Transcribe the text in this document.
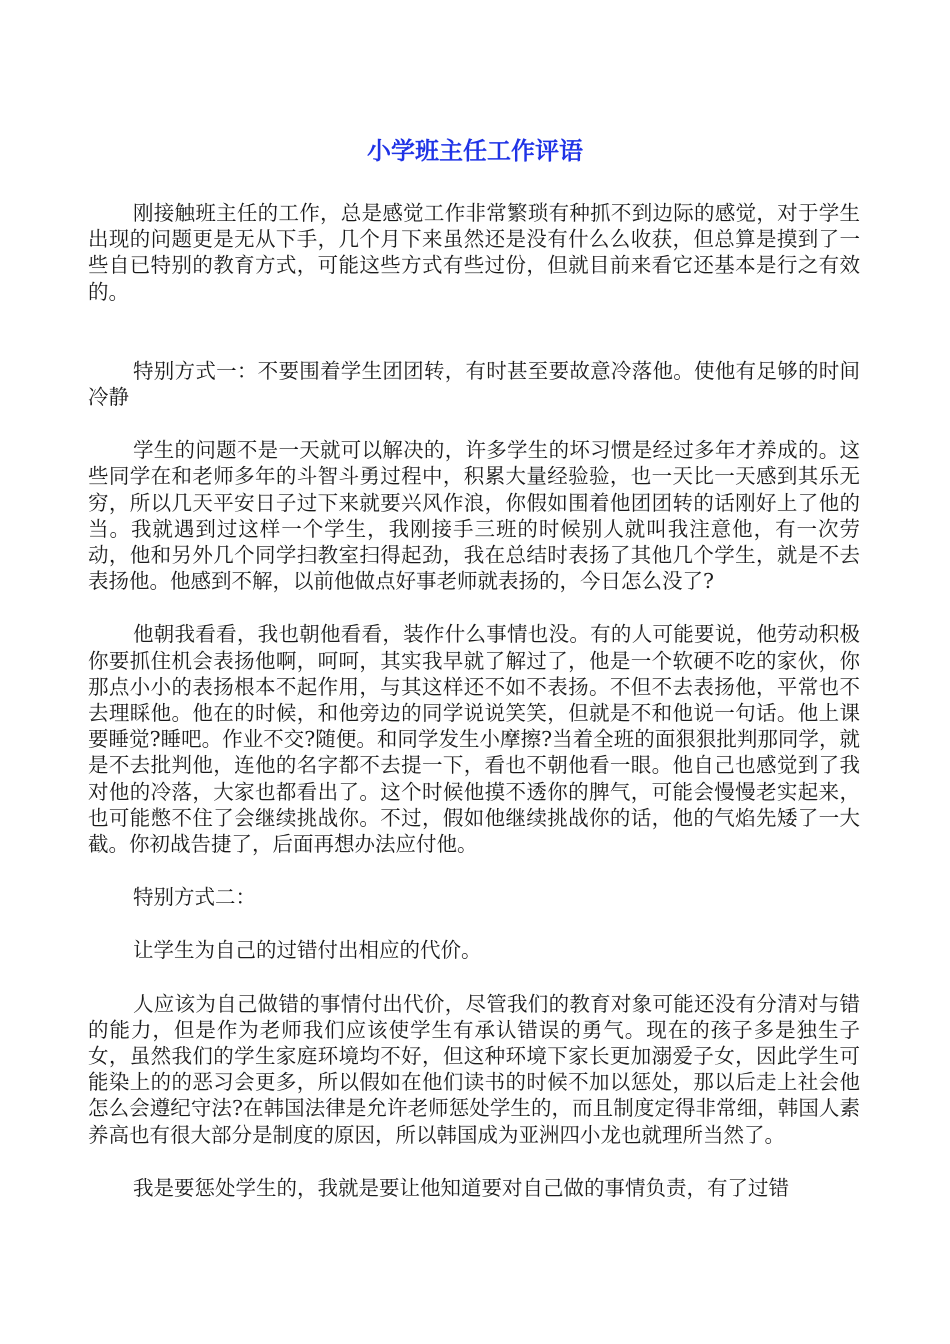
小学班主任工作评语

刚接触班主任的工作，总是感觉工作非常繁琐有种抓不到边际的感觉，对于学生出现的问题更是无从下手，几个月下来虽然还是没有什么么收获，但总算是摸到了一些自已特别的教育方式，可能这些方式有些过份，但就目前来看它还基本是行之有效的。

特别方式一：不要围着学生团团转，有时甚至要故意冷落他。使他有足够的时间冷静

学生的问题不是一天就可以解决的，许多学生的坏习惯是经过多年才养成的。这些同学在和老师多年的斗智斗勇过程中，积累大量经验验，也一天比一天感到其乐无穷，所以几天平安日子过下来就要兴风作浪，你假如围着他团团转的话刚好上了他的当。我就遇到过这样一个学生，我刚接手三班的时候别人就叫我注意他，有一次劳动，他和另外几个同学扫教室扫得起劲，我在总结时表扬了其他几个学生，就是不去表扬他。他感到不解，以前他做点好事老师就表扬的，今日怎么没了?

他朝我看看，我也朝他看看，装作什么事情也没。有的人可能要说，他劳动积极你要抓住机会表扬他啊，呵呵，其实我早就了解过了，他是一个软硬不吃的家伙，你那点小小的表扬根本不起作用，与其这样还不如不表扬。不但不去表扬他，平常也不去理睬他。他在的时候，和他旁边的同学说说笑笑，但就是不和他说一句话。他上课要睡觉?睡吧。作业不交?随便。和同学发生小摩擦?当着全班的面狠狠批判那同学，就是不去批判他，连他的名字都不去提一下，看也不朝他看一眼。他自己也感觉到了我对他的冷落，大家也都看出了。这个时候他摸不透你的脾气，可能会慢慢老实起来，也可能憋不住了会继续挑战你。不过，假如他继续挑战你的话，他的气焰先矮了一大截。你初战告捷了，后面再想办法应付他。

特别方式二：

让学生为自己的过错付出相应的代价。

人应该为自己做错的事情付出代价，尽管我们的教育对象可能还没有分清对与错的能力，但是作为老师我们应该使学生有承认错误的勇气。现在的孩子多是独生子女，虽然我们的学生家庭环境均不好，但这种环境下家长更加溺爱子女，因此学生可能染上的的恶习会更多，所以假如在他们读书的时候不加以惩处，那以后走上社会他怎么会遵纪守法?在韩国法律是允许老师惩处学生的，而且制度定得非常细，韩国人素养高也有很大部分是制度的原因，所以韩国成为亚洲四小龙也就理所当然了。

我是要惩处学生的，我就是要让他知道要对自己做的事情负责，有了过错
